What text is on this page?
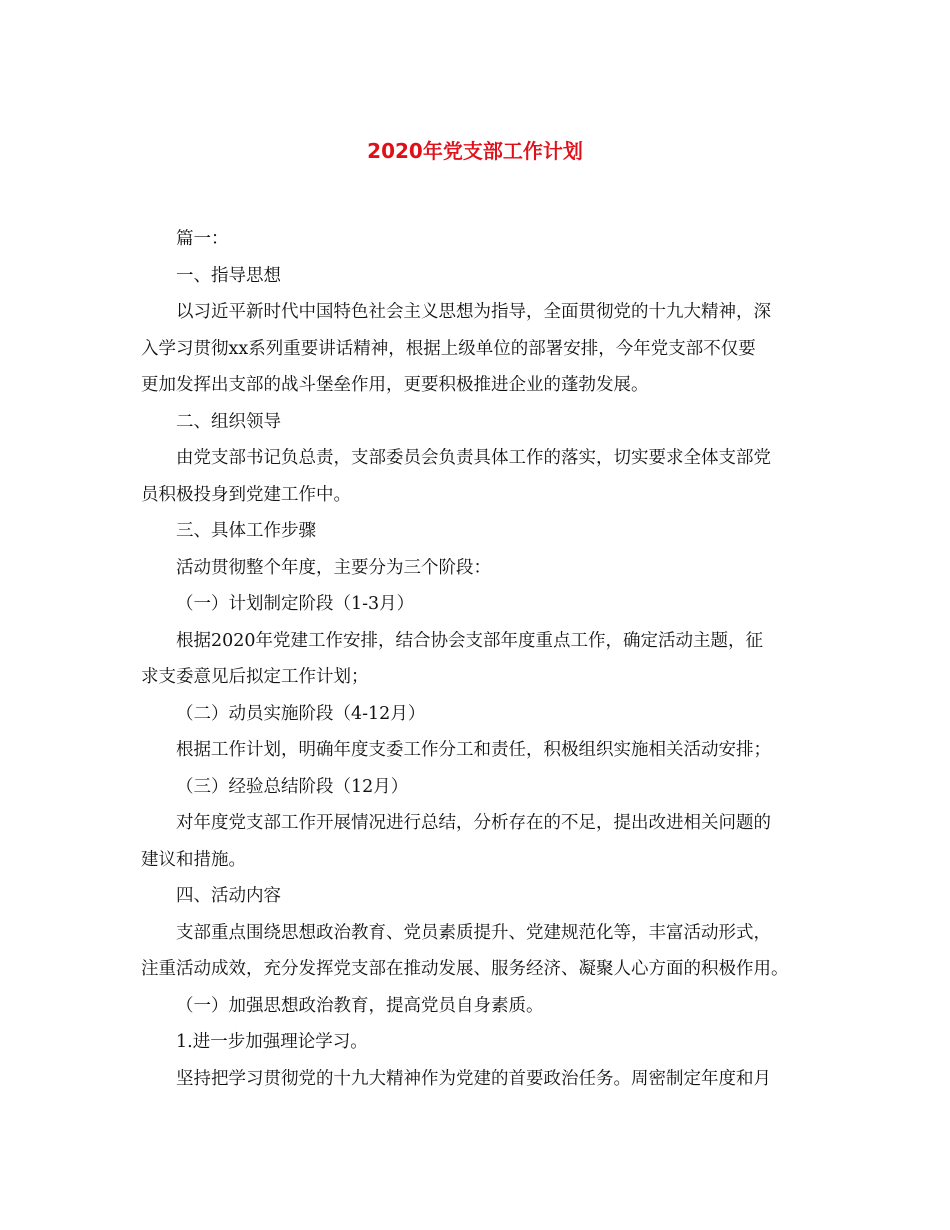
2020年党支部工作计划

篇一：

一、指导思想

以习近平新时代中国特色社会主义思想为指导，全面贯彻党的十九大精神，深
入学习贯彻xx系列重要讲话精神，根据上级单位的部署安排，今年党支部不仅要
更加发挥出支部的战斗堡垒作用，更要积极推进企业的蓬勃发展。

二、组织领导

由党支部书记负总责，支部委员会负责具体工作的落实，切实要求全体支部党
员积极投身到党建工作中。

三、具体工作步骤

活动贯彻整个年度，主要分为三个阶段：

（一）计划制定阶段（1-3月）

根据2020年党建工作安排，结合协会支部年度重点工作，确定活动主题，征
求支委意见后拟定工作计划；

（二）动员实施阶段（4-12月）

根据工作计划，明确年度支委工作分工和责任，积极组织实施相关活动安排；

（三）经验总结阶段（12月）

对年度党支部工作开展情况进行总结，分析存在的不足，提出改进相关问题的
建议和措施。

四、活动内容

支部重点围绕思想政治教育、党员素质提升、党建规范化等，丰富活动形式，
注重活动成效，充分发挥党支部在推动发展、服务经济、凝聚人心方面的积极作用。

（一）加强思想政治教育，提高党员自身素质。

1.进一步加强理论学习。

坚持把学习贯彻党的十九大精神作为党建的首要政治任务。周密制定年度和月
